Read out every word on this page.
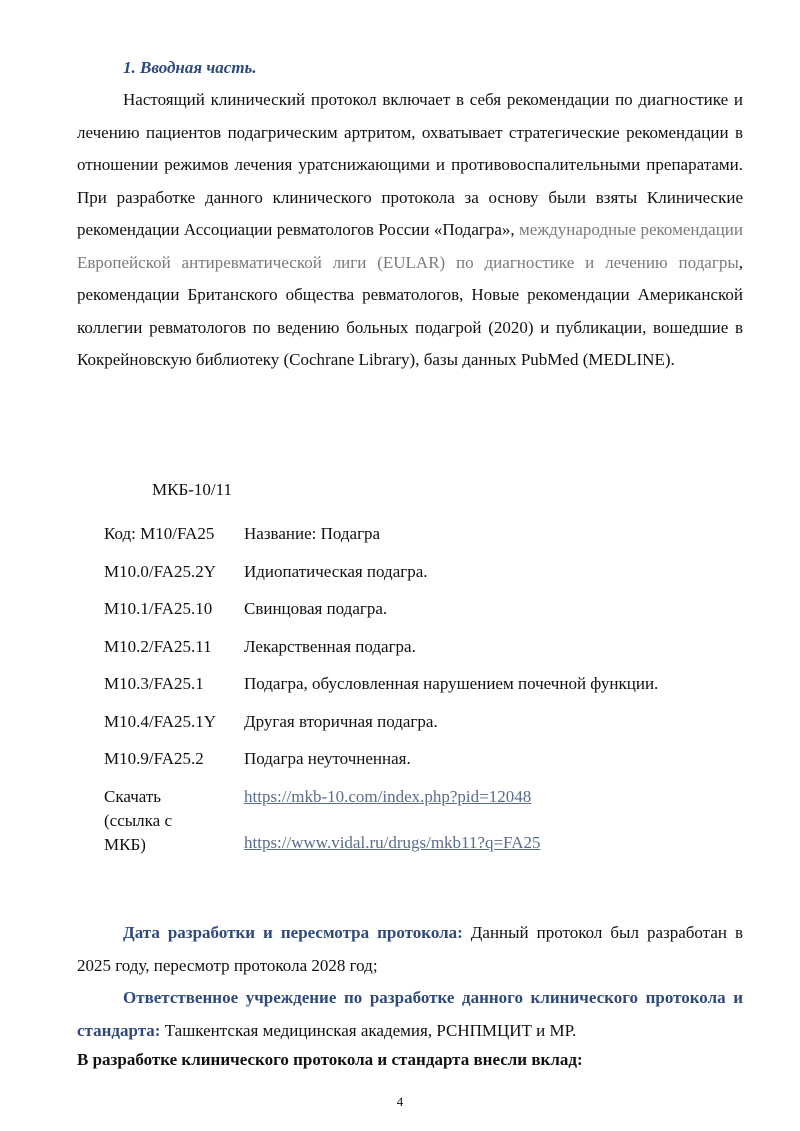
1. Вводная часть.

Настоящий клинический протокол включает в себя рекомендации по диагностике и лечению пациентов подагрическим артритом, охватывает стратегические рекомендации в отношении режимов лечения уратснижающими и противовоспалительными препаратами. При разработке данного клинического протокола за основу были взяты Клинические рекомендации Ассоциации ревматологов России «Подагра», международные рекомендации Европейской антиревматической лиги (EULAR) по диагностике и лечению подагры, рекомендации Британского общества ревматологов, Новые рекомендации Американской коллегии ревматологов по ведению больных подагрой (2020) и публикации, вошедшие в Кокрейновскую библиотеку (Cochrane Library), базы данных PubMed (MEDLINE).

МКБ-10/11
Код: М10/FA25	Название: Подагра
М10.0/FA25.2Y	Идиопатическая подагра.
М10.1/FA25.10	Свинцовая подагра.
М10.2/FA25.11	Лекарственная подагра.
М10.3/FA25.1	Подагра, обусловленная нарушением почечной функции.
М10.4/FA25.1Y	Другая вторичная подагра.
М10.9/FA25.2	Подагра неуточненная.
Скачать (ссылка с МКБ)	https://mkb-10.com/index.php?pid=12048
https://www.vidal.ru/drugs/mkb11?q=FA25

Дата разработки и пересмотра протокола: Данный протокол был разработан в 2025 году, пересмотр протокола 2028 год;

Ответственное учреждение по разработке данного клинического протокола и стандарта: Ташкентская медицинская академия, РСНПМЦИТ и МР.

В разработке клинического протокола и стандарта внесли вклад:
4
